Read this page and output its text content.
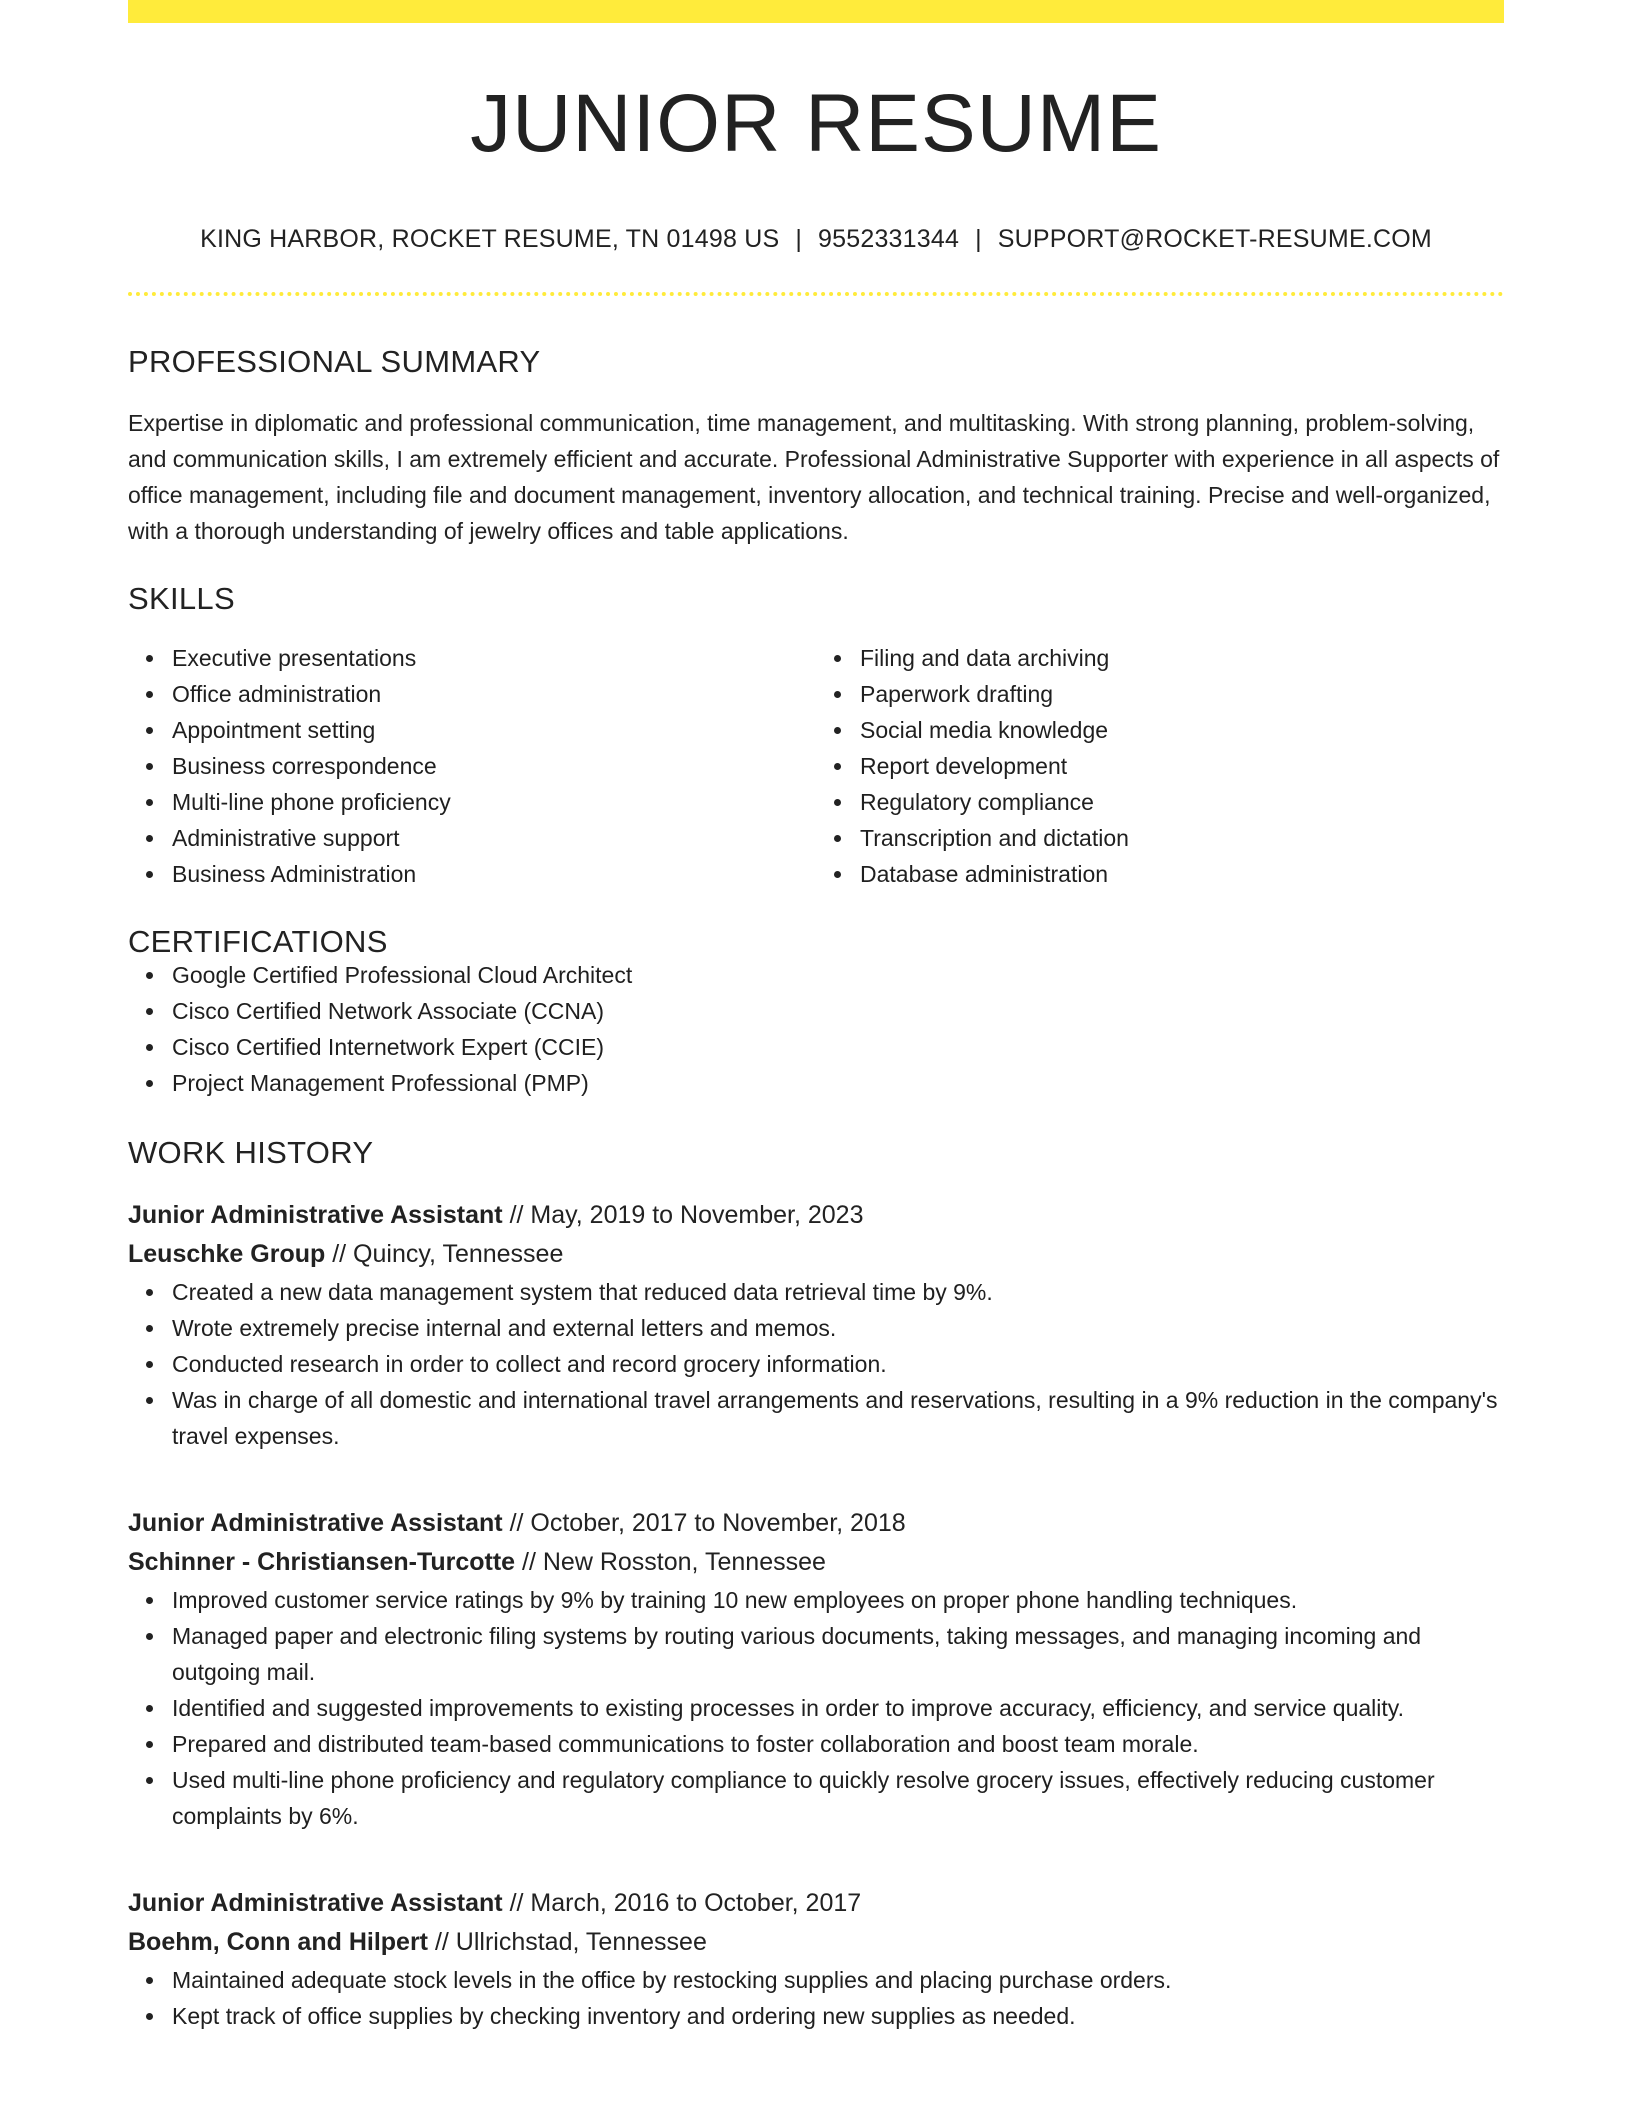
JUNIOR RESUME
KING HARBOR, ROCKET RESUME, TN 01498 US | 9552331344 | SUPPORT@ROCKET-RESUME.COM
PROFESSIONAL SUMMARY

Expertise in diplomatic and professional communication, time management, and multitasking. With strong planning, problem-solving, and communication skills, I am extremely efficient and accurate. Professional Administrative Supporter with experience in all aspects of office management, including file and document management, inventory allocation, and technical training. Precise and well-organized, with a thorough understanding of jewelry offices and table applications.

SKILLS
Executive presentations
Office administration
Appointment setting
Business correspondence
Multi-line phone proficiency
Administrative support
Business Administration
Filing and data archiving
Paperwork drafting
Social media knowledge
Report development
Regulatory compliance
Transcription and dictation
Database administration
CERTIFICATIONS
Google Certified Professional Cloud Architect
Cisco Certified Network Associate (CCNA)
Cisco Certified Internetwork Expert (CCIE)
Project Management Professional (PMP)
WORK HISTORY
Junior Administrative Assistant // May, 2019 to November, 2023
Leuschke Group // Quincy, Tennessee
Created a new data management system that reduced data retrieval time by 9%.
Wrote extremely precise internal and external letters and memos.
Conducted research in order to collect and record grocery information.
Was in charge of all domestic and international travel arrangements and reservations, resulting in a 9% reduction in the company's travel expenses.
Junior Administrative Assistant // October, 2017 to November, 2018
Schinner - Christiansen-Turcotte // New Rosston, Tennessee
Improved customer service ratings by 9% by training 10 new employees on proper phone handling techniques.
Managed paper and electronic filing systems by routing various documents, taking messages, and managing incoming and outgoing mail.
Identified and suggested improvements to existing processes in order to improve accuracy, efficiency, and service quality.
Prepared and distributed team-based communications to foster collaboration and boost team morale.
Used multi-line phone proficiency and regulatory compliance to quickly resolve grocery issues, effectively reducing customer complaints by 6%.
Junior Administrative Assistant // March, 2016 to October, 2017
Boehm, Conn and Hilpert // Ullrichstad, Tennessee
Maintained adequate stock levels in the office by restocking supplies and placing purchase orders.
Kept track of office supplies by checking inventory and ordering new supplies as needed.
